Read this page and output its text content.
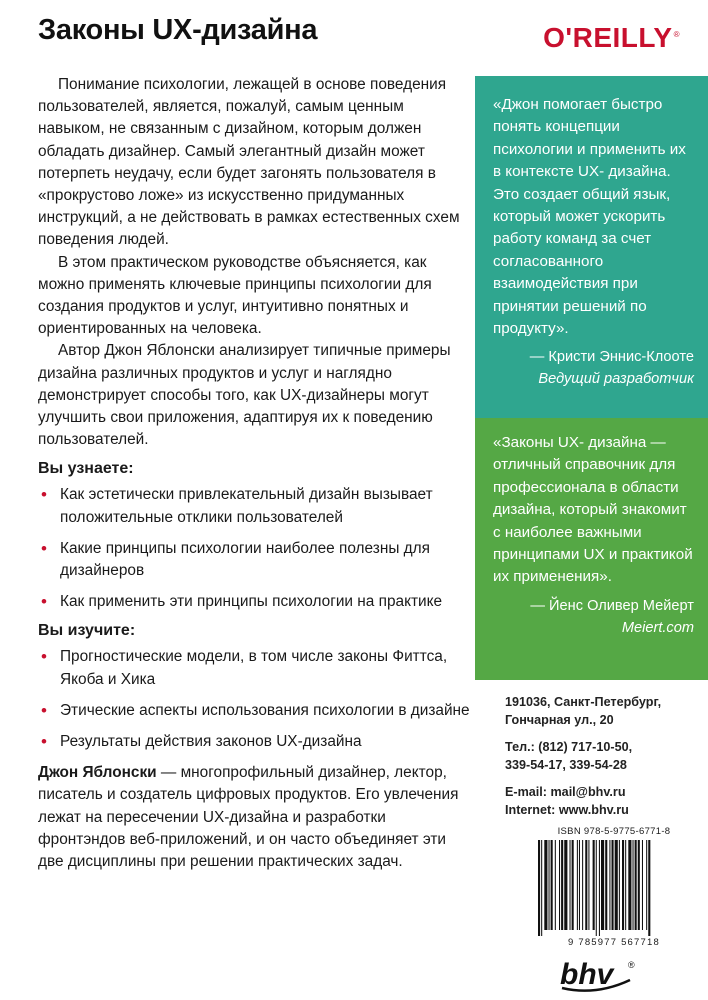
Законы UX-дизайна	O'REILLY®

Понимание психологии, лежащей в основе поведения пользователей, является, пожалуй, самым ценным навыком, не связанным с дизайном, которым должен обладать дизайнер. Самый элегантный дизайн может потерпеть неудачу, если будет загонять пользователя в «прокрустово ложе» из искусственно придуманных инструкций, а не действовать в рамках естественных схем поведения людей.

В этом практическом руководстве объясняется, как можно применять ключевые принципы психологии для создания продуктов и услуг, интуитивно понятных и ориентированных на человека.

Автор Джон Яблонски анализирует типичные примеры дизайна различных продуктов и услуг и наглядно демонстрирует способы того, как UX-дизайнеры могут улучшить свои приложения, адаптируя их к поведению пользователей.

Вы узнаете:
• Как эстетически привлекательный дизайн вызывает положительные отклики пользователей
• Какие принципы психологии наиболее полезны для дизайнеров
• Как применить эти принципы психологии на практике
Вы изучите:
• Прогностические модели, в том числе законы Фиттса, Якоба и Хика
• Этические аспекты использования психологии в дизайне
• Результаты действия законов UX-дизайна

Джон Яблонски — многопрофильный дизайнер, лектор, писатель и создатель цифровых продуктов. Его увлечения лежат на пересечении UX-дизайна и разработки фронтэндов веб-приложений, и он часто объединяет эти две дисциплины при решении практических задач.

«Джон помогает быстро понять концепции психологии и применить их в контексте UX- дизайна. Это создает общий язык, который может ускорить работу команд за счет согласованного взаимодействия при принятии решений по продукту».

— Кристи Эннис-Клооте
Ведущий разработчик

«Законы UX- дизайна — отличный справочник для профессионала в области дизайна, который знакомит с наиболее важными принципами UX и практикой их применения».

— Йенс Оливер Мейерт
Meiert.com
191036, Санкт-Петербург,
Гончарная ул., 20
Тел.: (812) 717-10-50,
339-54-17, 339-54-28
E-mail: mail@bhv.ru
Internet: www.bhv.ru
ISBN 978-5-9775-6771-8
9 785977 567718
bhv ®
